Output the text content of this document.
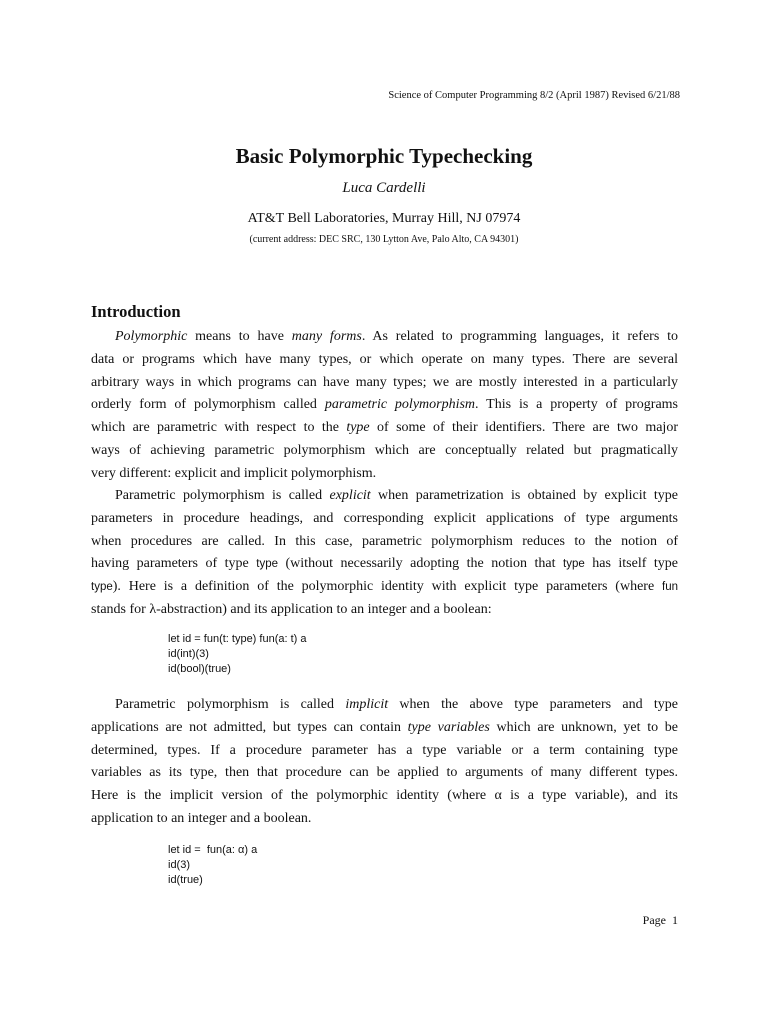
Science of Computer Programming 8/2 (April 1987) Revised 6/21/88
Basic Polymorphic Typechecking
Luca Cardelli
AT&T Bell Laboratories, Murray Hill, NJ 07974
(current address: DEC SRC, 130 Lytton Ave, Palo Alto, CA 94301)
Introduction
Polymorphic means to have many forms. As related to programming languages, it refers to
data or programs which have many types, or which operate on many types. There are several
arbitrary ways in which programs can have many types; we are mostly interested in a particularly
orderly form of polymorphism called parametric polymorphism. This is a property of programs
which are parametric with respect to the type of some of their identifiers. There are two major
ways of achieving parametric polymorphism which are conceptually related but pragmatically
very different: explicit and implicit polymorphism.
Parametric polymorphism is called explicit when parametrization is obtained by explicit type
parameters in procedure headings, and corresponding explicit applications of type arguments
when procedures are called. In this case, parametric polymorphism reduces to the notion of
having parameters of type type (without necessarily adopting the notion that type has itself type
type). Here is a definition of the polymorphic identity with explicit type parameters (where fun
stands for λ-abstraction) and its application to an integer and a boolean:
let id = fun(t: type) fun(a: t) a
id(int)(3)
id(bool)(true)
Parametric polymorphism is called implicit when the above type parameters and type
applications are not admitted, but types can contain type variables which are unknown, yet to be
determined, types. If a procedure parameter has a type variable or a term containing type
variables as its type, then that procedure can be applied to arguments of many different types.
Here is the implicit version of the polymorphic identity (where α is a type variable), and its
application to an integer and a boolean.
let id =  fun(a: α) a
id(3)
id(true)
Page  1
